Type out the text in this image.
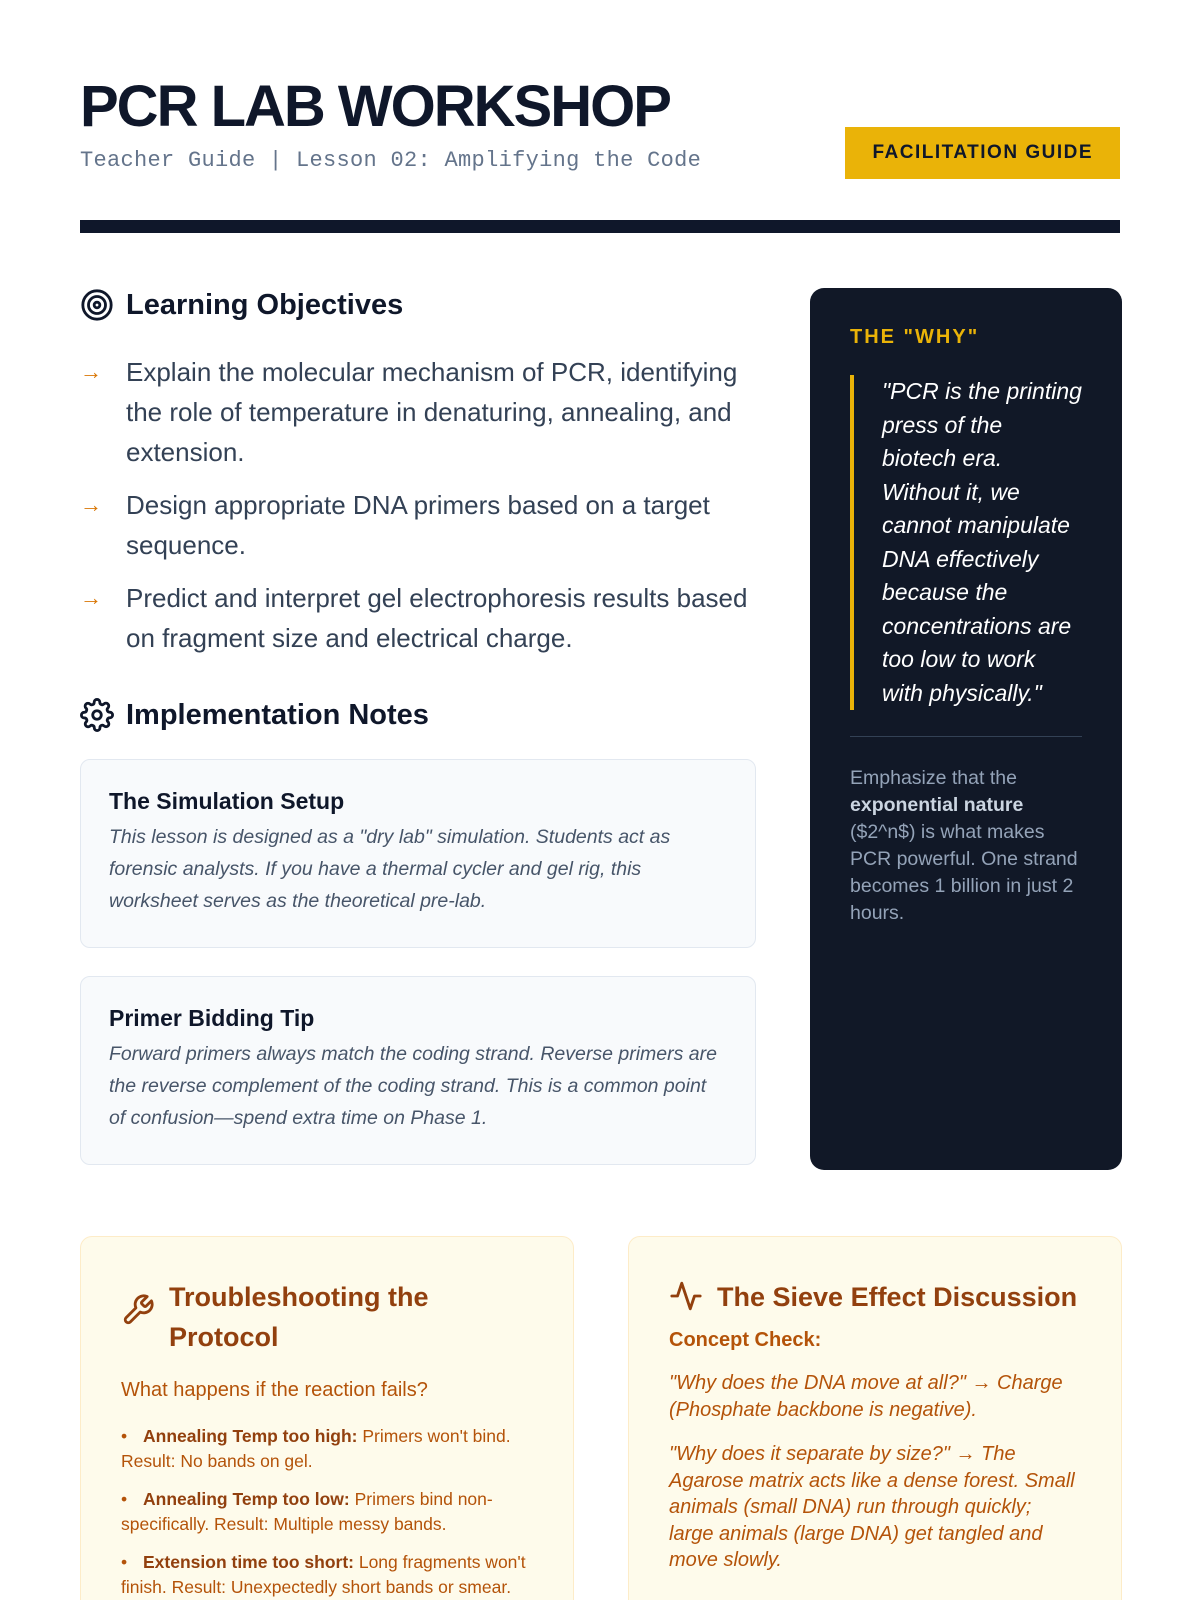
PCR LAB WORKSHOP
Teacher Guide | Lesson 02: Amplifying the Code	FACILITATION GUIDE
Learning Objectives
→ Explain the molecular mechanism of PCR, identifying the role of temperature in denaturing, annealing, and extension.
→ Design appropriate DNA primers based on a target sequence.
→ Predict and interpret gel electrophoresis results based on fragment size and electrical charge.
Implementation Notes
The Simulation Setup
This lesson is designed as a "dry lab" simulation. Students act as forensic analysts. If you have a thermal cycler and gel rig, this worksheet serves as the theoretical pre-lab.
Primer Bidding Tip
Forward primers always match the coding strand. Reverse primers are the reverse complement of the coding strand. This is a common point of confusion—spend extra time on Phase 1.
THE "WHY"
"PCR is the printing press of the biotech era. Without it, we cannot manipulate DNA effectively because the concentrations are too low to work with physically."
Emphasize that the exponential nature ($2^n$) is what makes PCR powerful. One strand becomes 1 billion in just 2 hours.
Troubleshooting the Protocol
What happens if the reaction fails?
• Annealing Temp too high: Primers won't bind. Result: No bands on gel.
• Annealing Temp too low: Primers bind non-specifically. Result: Multiple messy bands.
• Extension time too short: Long fragments won't finish. Result: Unexpectedly short bands or smear.
The Sieve Effect Discussion
Concept Check:
"Why does the DNA move at all?" → Charge (Phosphate backbone is negative).
"Why does it separate by size?" → The Agarose matrix acts like a dense forest. Small animals (small DNA) run through quickly; large animals (large DNA) get tangled and move slowly.
